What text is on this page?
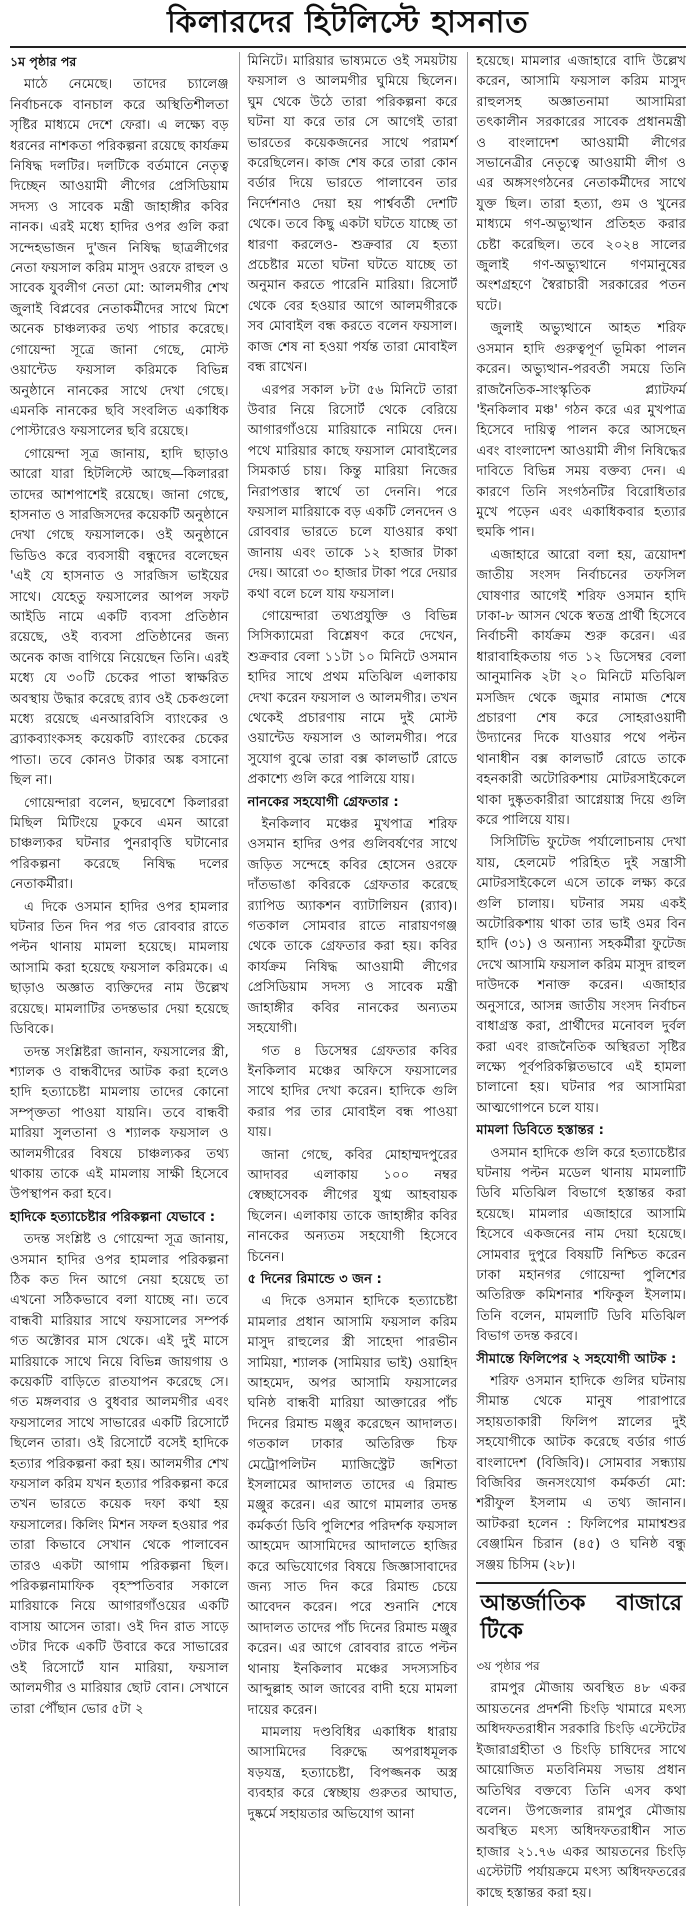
কিলারদের হিটলিস্টে হাসনাত

১ম পৃষ্ঠার পর

মাঠে নেমেছে। তাদের চ্যালেঞ্জ নির্বাচনকে বানচাল করে অস্থিতিশীলতা সৃষ্টির মাধ্যমে দেশে ফেরা। এ লক্ষ্যে বড় ধরনের নাশকতা পরিকল্পনা রয়েছে কার্যক্রম নিষিদ্ধ দলটির। দলটিকে বর্তমানে নেতৃত্ব দিচ্ছেন আওয়ামী লীগের প্রেসিডিয়াম সদস্য ও সাবেক মন্ত্রী জাহাঙ্গীর কবির নানক। এরই মধ্যে হাদির ওপর গুলি করা সন্দেহভাজন দু'জন নিষিদ্ধ ছাত্রলীগের নেতা ফয়সাল করিম মাসুদ ওরফে রাহুল ও সাবেক যুবলীগ নেতা মো: আলমগীর শেখ জুলাই বিপ্লবের নেতাকর্মীদের সাথে মিশে অনেক চাঞ্চল্যকর তথ্য পাচার করেছে। গোয়েন্দা সূত্রে জানা গেছে, মোস্ট ওয়ান্টেড ফয়সাল করিমকে বিভিন্ন অনুষ্ঠানে নানকের সাথে দেখা গেছে। এমনকি নানকের ছবি সংবলিত একাধিক পোস্টারেও ফয়সালের ছবি রয়েছে।

গোয়েন্দা সূত্র জানায়, হাদি ছাড়াও আরো যারা হিটলিস্টে আছে—কিলাররা তাদের আশপাশেই রয়েছে। জানা গেছে, হাসনাত ও সারজিসদের কয়েকটি অনুষ্ঠানে দেখা গেছে ফয়সালকে। ওই অনুষ্ঠানে ভিডিও করে ব্যবসায়ী বন্ধুদের বলেছেন 'এই যে হাসনাত ও সারজিস ভাইয়ের সাথে। যেহেতু ফয়সালের আপল সফট আইডি নামে একটি ব্যবসা প্রতিষ্ঠান রয়েছে, ওই ব্যবসা প্রতিষ্ঠানের জন্য অনেক কাজ বাগিয়ে নিয়েছেন তিনি। এরই মধ্যে যে ৩০টি চেকের পাতা স্বাক্ষরিত অবস্থায় উদ্ধার করেছে র‍্যাব ওই চেকগুলো মধ্যে রয়েছে এনআরবিসি ব্যাংকের ও ব্র্যাকব্যাংকসহ কয়েকটি ব্যাংকের চেকের পাতা। তবে কোনও টাকার অঙ্ক বসানো ছিল না।

গোয়েন্দারা বলেন, ছদ্মবেশে কিলাররা মিছিল মিটিংয়ে ঢুকবে এমন আরো চাঞ্চল্যকর ঘটনার পুনরাবৃত্তি ঘটানোর পরিকল্পনা করেছে নিষিদ্ধ দলের নেতাকর্মীরা।

এ দিকে ওসমান হাদির ওপর হামলার ঘটনার তিন দিন পর গত রোববার রাতে পল্টন থানায় মামলা হয়েছে। মামলায় আসামি করা হয়েছে ফয়সাল করিমকে। এ ছাড়াও অজ্ঞাত ব্যক্তিদের নাম উল্লেখ রয়েছে। মামলাটির তদন্তভার দেয়া হয়েছে ডিবিকে।

তদন্ত সংশ্লিষ্টরা জানান, ফয়সালের স্ত্রী, শ্যালক ও বান্ধবীদের আটক করা হলেও হাদি হত্যাচেষ্টা মামলায় তাদের কোনো সম্পৃক্ততা পাওয়া যায়নি। তবে বান্ধবী মারিয়া সুলতানা ও শ্যালক ফয়সাল ও আলমগীরের বিষয়ে চাঞ্চল্যকর তথ্য থাকায় তাকে এই মামলায় সাক্ষী হিসেবে উপস্থাপন করা হবে।

হাদিকে হত্যাচেষ্টার পরিকল্পনা যেভাবে :

তদন্ত সংশ্লিষ্ট ও গোয়েন্দা সূত্র জানায়, ওসমান হাদির ওপর হামলার পরিকল্পনা ঠিক কত দিন আগে নেয়া হয়েছে তা এখনো সঠিকভাবে বলা যাচ্ছে না। তবে বান্ধবী মারিয়ার সাথে ফয়সালের সম্পর্ক গত অক্টোবর মাস থেকে। এই দুই মাসে মারিয়াকে সাথে নিয়ে বিভিন্ন জায়গায় ও কয়েকটি বাড়িতে রাতযাপন করেছে সে। গত মঙ্গলবার ও বুধবার আলমগীর এবং ফয়সালের সাথে সাভারের একটি রিসোর্টে ছিলেন তারা। ওই রিসোর্টে বসেই হাদিকে হত্যার পরিকল্পনা করা হয়। আলমগীর শেখ ফয়সাল করিম যখন হত্যার পরিকল্পনা করে তখন ভারতে কয়েক দফা কথা হয় ফয়সালের। কিলিং মিশন সফল হওয়ার পর তারা কিভাবে সেখান থেকে পালাবেন তারও একটা আগাম পরিকল্পনা ছিল। পরিকল্পনামাফিক বৃহস্পতিবার সকালে মারিয়াকে নিয়ে আগারগাঁওয়ের একটি বাসায় আসেন তারা। ওই দিন রাত সাড়ে ৩টার দিকে একটি উবারে করে সাভারের ওই রিসোর্টে যান মারিয়া, ফয়সাল আলমগীর ও মারিয়ার ছোট বোন। সেখানে তারা পৌঁছান ভোর ৫টা ২

মিনিটে। মারিয়ার ভাষ্যমতে ওই সময়টায় ফয়সাল ও আলমগীর ঘুমিয়ে ছিলেন। ঘুম থেকে উঠে তারা পরিকল্পনা করে ঘটনা যা করে তার সে আগেই তারা ভারতের কয়েকজনের সাথে পরামর্শ করেছিলেন। কাজ শেষ করে তারা কোন বর্ডার দিয়ে ভারতে পালাবেন তার নির্দেশনাও দেয়া হয় পার্শ্ববর্তী দেশটি থেকে। তবে কিছু একটা ঘটতে যাচ্ছে তা ধারণা করলেও- শুক্রবার যে হত্যা প্রচেষ্টার মতো ঘটনা ঘটতে যাচ্ছে তা অনুমান করতে পারেনি মারিয়া। রিসোর্ট থেকে বের হওয়ার আগে আলমগীরকে সব মোবাইল বন্ধ করতে বলেন ফয়সাল। কাজ শেষ না হওয়া পর্যন্ত তারা মোবাইল বন্ধ রাখেন।

এরপর সকাল ৮টা ৫৬ মিনিটে তারা উবার নিয়ে রিসোর্ট থেকে বেরিয়ে আগারগাঁওয়ে মারিয়াকে নামিয়ে দেন। পথে মারিয়ার কাছে ফয়সাল মোবাইলের সিমকার্ড চায়। কিন্তু মারিয়া নিজের নিরাপত্তার স্বার্থে তা দেননি। পরে ফয়সাল মারিয়াকে বড় একটি লেনদেন ও রোববার ভারতে চলে যাওয়ার কথা জানায় এবং তাকে ১২ হাজার টাকা দেয়। আরো ৩০ হাজার টাকা পরে দেয়ার কথা বলে চলে যায় ফয়সাল।

গোয়েন্দারা তথ্যপ্রযুক্তি ও বিভিন্ন সিসিক্যামেরা বিশ্লেষণ করে দেখেন, শুক্রবার বেলা ১১টা ১০ মিনিটে ওসমান হাদির সাথে প্রথম মতিঝিল এলাকায় দেখা করেন ফয়সাল ও আলমগীর। তখন থেকেই প্রচারণায় নামে দুই মোস্ট ওয়ান্টেড ফয়সাল ও আলমগীর। পরে সুযোগ বুঝে তারা বক্স কালভার্ট রোডে প্রকাশ্যে গুলি করে পালিয়ে যায়।

নানকের সহযোগী গ্রেফতার :

ইনকিলাব মঞ্চের মুখপাত্র শরিফ ওসমান হাদির ওপর গুলিবর্ষণের সাথে জড়িত সন্দেহে কবির হোসেন ওরফে দাঁতভাঙা কবিরকে গ্রেফতার করেছে র‍্যাপিড অ্যাকশন ব্যাটালিয়ন (র‍্যাব)। গতকাল সোমবার রাতে নারায়ণগঞ্জ থেকে তাকে গ্রেফতার করা হয়। কবির কার্যক্রম নিষিদ্ধ আওয়ামী লীগের প্রেসিডিয়াম সদস্য ও সাবেক মন্ত্রী জাহাঙ্গীর কবির নানকের অন্যতম সহযোগী।

গত ৪ ডিসেম্বর গ্রেফতার কবির ইনকিলাব মঞ্চের অফিসে ফয়সালের সাথে হাদির দেখা করেন। হাদিকে গুলি করার পর তার মোবাইল বন্ধ পাওয়া যায়।

জানা গেছে, কবির মোহাম্মদপুরের আদাবর এলাকায় ১০০ নম্বর স্বেচ্ছাসেবক লীগের যুগ্ম আহবায়ক ছিলেন। এলাকায় তাকে জাহাঙ্গীর কবির নানকের অন্যতম সহযোগী হিসেবে চিনেন।

৫ দিনের রিমান্ডে ৩ জন :

এ দিকে ওসমান হাদিকে হত্যাচেষ্টা মামলার প্রধান আসামি ফয়সাল করিম মাসুদ রাহুলের স্ত্রী সাহেদা পারভীন সামিয়া, শ্যালক (সামিয়ার ভাই) ওয়াহিদ আহমেদ, অপর আসামি ফয়সালের ঘনিষ্ঠ বান্ধবী মারিয়া আক্তারের পাঁচ দিনের রিমান্ড মঞ্জুর করেছেন আদালত। গতকাল ঢাকার অতিরিক্ত চিফ মেট্রোপলিটন ম্যাজিস্ট্রেট জশিতা ইসলামের আদালত তাদের এ রিমান্ড মঞ্জুর করেন। এর আগে মামলার তদন্ত কর্মকর্তা ডিবি পুলিশের পরিদর্শক ফয়সাল আহমেদ আসামিদের আদালতে হাজির করে অভিযোগের বিষয়ে জিজ্ঞাসাবাদের জন্য সাত দিন করে রিমান্ড চেয়ে আবেদন করেন। পরে শুনানি শেষে আদালত তাদের পাঁচ দিনের রিমান্ড মঞ্জুর করেন। এর আগে রোববার রাতে পল্টন থানায় ইনকিলাব মঞ্চের সদস্যসচিব আব্দুল্লাহ আল জাবের বাদী হয়ে মামলা দায়ের করেন।

মামলায় দণ্ডবিধির একাধিক ধারায় আসামিদের বিরুদ্ধে অপরাধমূলক ষড়যন্ত্র, হত্যাচেষ্টা, বিপজ্জনক অস্ত্র ব্যবহার করে স্বেচ্ছায় গুরুতর আঘাত, দুষ্কর্মে সহায়তার অভিযোগ আনা

হয়েছে। মামলার এজাহারে বাদি উল্লেখ করেন, আসামি ফয়সাল করিম মাসুদ রাহুলসহ অজ্ঞাতনামা আসামিরা তৎকালীন সরকারের সাবেক প্রধানমন্ত্রী ও বাংলাদেশ আওয়ামী লীগের সভানেত্রীর নেতৃত্বে আওয়ামী লীগ ও এর অঙ্গসংগঠনের নেতাকর্মীদের সাথে যুক্ত ছিল। তারা হত্যা, গুম ও খুনের মাধ্যমে গণ-অভ্যুত্থান প্রতিহত করার চেষ্টা করেছিল। তবে ২০২৪ সালের জুলাই গণ-অভ্যুত্থানে গণমানুষের অংশগ্রহণে স্বৈরাচারী সরকারের পতন ঘটে।

জুলাই অভ্যুত্থানে আহত শরিফ ওসমান হাদি গুরুত্বপূর্ণ ভূমিকা পালন করেন। অভ্যুত্থান-পরবর্তী সময়ে তিনি রাজনৈতিক-সাংস্কৃতিক প্ল্যাটফর্ম 'ইনকিলাব মঞ্চ' গঠন করে এর মুখপাত্র হিসেবে দায়িত্ব পালন করে আসছেন এবং বাংলাদেশ আওয়ামী লীগ নিষিদ্ধের দাবিতে বিভিন্ন সময় বক্তব্য দেন। এ কারণে তিনি সংগঠনটির বিরোধিতার মুখে পড়েন এবং একাধিকবার হত্যার হুমকি পান।

এজাহারে আরো বলা হয়, ত্রয়োদশ জাতীয় সংসদ নির্বাচনের তফসিল ঘোষণার আগেই শরিফ ওসমান হাদি ঢাকা-৮ আসন থেকে স্বতন্ত্র প্রার্থী হিসেবে নির্বাচনী কার্যক্রম শুরু করেন। এর ধারাবাহিকতায় গত ১২ ডিসেম্বর বেলা আনুমানিক ২টা ২০ মিনিটে মতিঝিল মসজিদ থেকে জুমার নামাজ শেষে প্রচারণা শেষ করে সোহরাওয়ার্দী উদ্যানের দিকে যাওয়ার পথে পল্টন থানাধীন বক্স কালভার্ট রোডে তাকে বহনকারী অটোরিকশায় মোটরসাইকেলে থাকা দুষ্কৃতকারীরা আগ্নেয়াস্ত্র দিয়ে গুলি করে পালিয়ে যায়।

সিসিটিভি ফুটেজ পর্যালোচনায় দেখা যায়, হেলমেট পরিহিত দুই সন্ত্রাসী মোটরসাইকেলে এসে তাকে লক্ষ্য করে গুলি চালায়। ঘটনার সময় একই অটোরিকশায় থাকা তার ভাই ওমর বিন হাদি (৩১) ও অন্যান্য সহকর্মীরা ফুটেজ দেখে আসামি ফয়সাল করিম মাসুদ রাহুল দাউদকে শনাক্ত করেন। এজাহার অনুসারে, আসন্ন জাতীয় সংসদ নির্বাচন বাধাগ্রস্ত করা, প্রার্থীদের মনোবল দুর্বল করা এবং রাজনৈতিক অস্থিরতা সৃষ্টির লক্ষ্যে পূর্বপরিকল্পিতভাবে এই হামলা চালানো হয়। ঘটনার পর আসামিরা আত্মগোপনে চলে যায়।

মামলা ডিবিতে হস্তান্তর :

ওসমান হাদিকে গুলি করে হত্যাচেষ্টার ঘটনায় পল্টন মডেল থানায় মামলাটি ডিবি মতিঝিল বিভাগে হস্তান্তর করা হয়েছে। মামলার এজাহারে আসামি হিসেবে একজনের নাম দেয়া হয়েছে। সোমবার দুপুরে বিষয়টি নিশ্চিত করেন ঢাকা মহানগর গোয়েন্দা পুলিশের অতিরিক্ত কমিশনার শফিকুল ইসলাম। তিনি বলেন, মামলাটি ডিবি মতিঝিল বিভাগ তদন্ত করবে।

সীমান্তে ফিলিপের ২ সহযোগী আটক :

শরিফ ওসমান হাদিকে গুলির ঘটনায় সীমান্ত থেকে মানুষ পারাপারে সহায়তাকারী ফিলিপ স্নালের দুই সহযোগীকে আটক করেছে বর্ডার গার্ড বাংলাদেশ (বিজিবি)। সোমবার সন্ধ্যায় বিজিবির জনসংযোগ কর্মকর্তা মো: শরীফুল ইসলাম এ তথ্য জানান। আটকরা হলেন : ফিলিপের মামাশ্বশুর বেঞ্জামিন চিরান (৪৫) ও ঘনিষ্ঠ বন্ধু সঞ্জয় চিসিম (২৮)।

আন্তর্জাতিক বাজারে টিকে

৩য় পৃষ্ঠার পর

রামপুর মৌজায় অবস্থিত ৪৮ একর আয়তনের প্রদর্শনী চিংড়ি খামারে মৎস্য অধিদফতরাধীন সরকারি চিংড়ি এস্টেটের ইজারাগ্রহীতা ও চিংড়ি চাষিদের সাথে আয়োজিত মতবিনিময় সভায় প্রধান অতিথির বক্তব্যে তিনি এসব কথা বলেন। উপজেলার রামপুর মৌজায় অবস্থিত মৎস্য অধিদফতরাধীন সাত হাজার ২১.৭৬ একর আয়তনের চিংড়ি এস্টেটটি পর্যায়ক্রমে মৎস্য অধিদফতরের কাছে হস্তান্তর করা হয়।
